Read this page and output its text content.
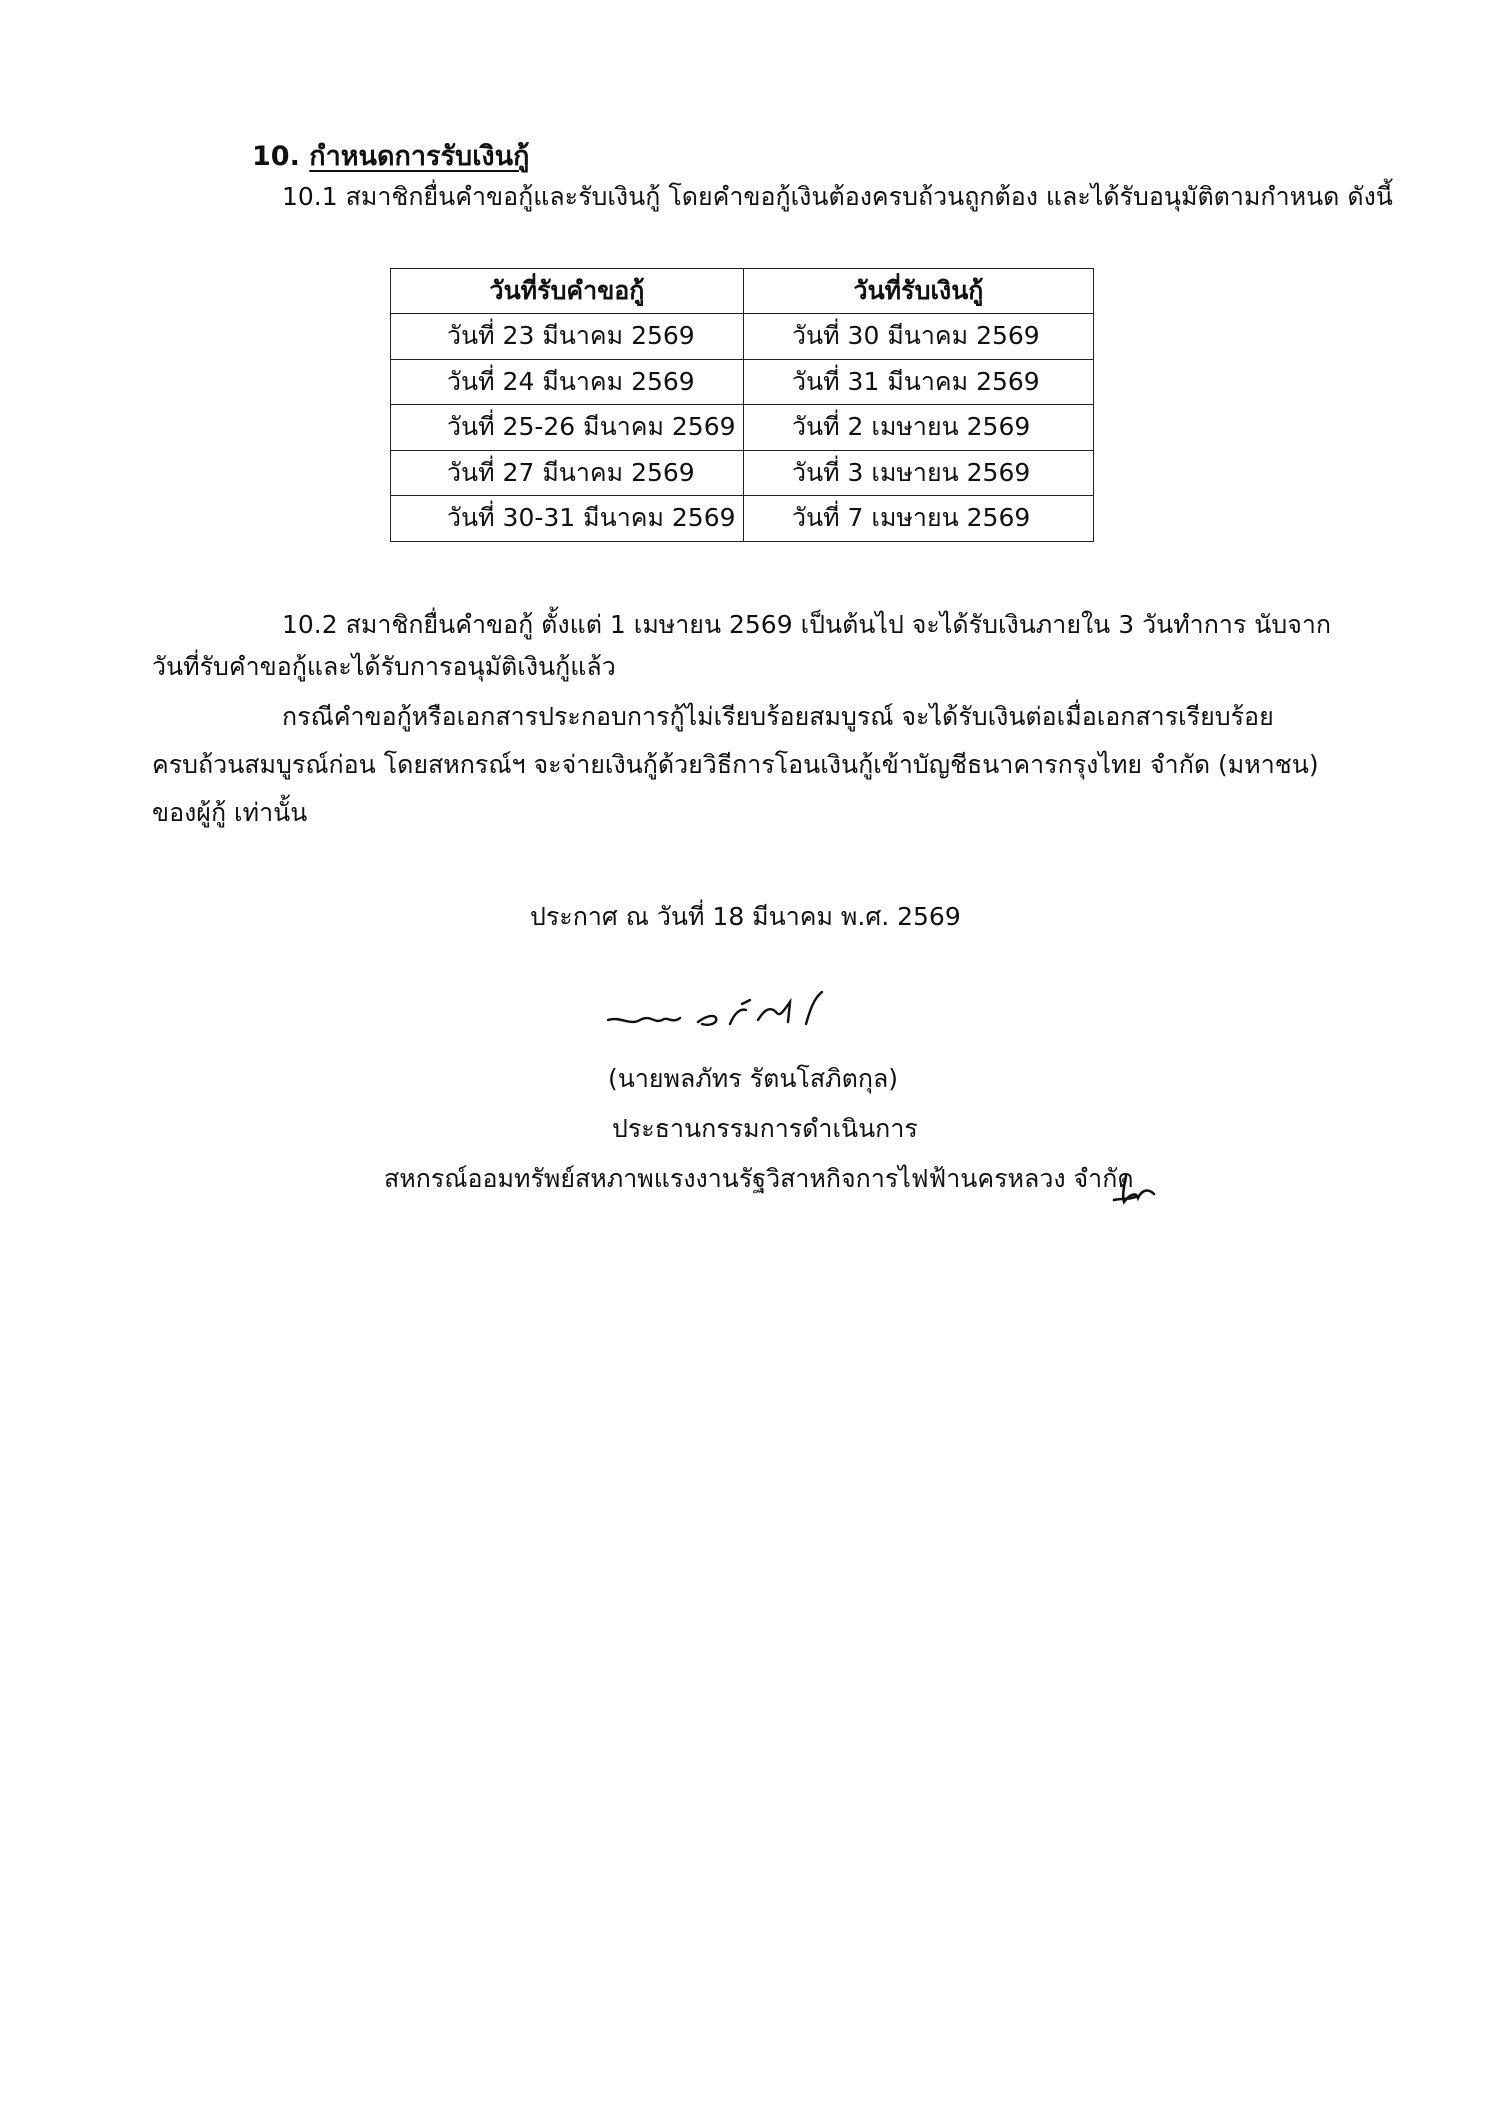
10. กำหนดการรับเงินกู้
10.1 สมาชิกยื่นคำขอกู้และรับเงินกู้ โดยคำขอกู้เงินต้องครบถ้วนถูกต้อง และได้รับอนุมัติตามกำหนด ดังนี้
วันที่รับคำขอกู้	วันที่รับเงินกู้
วันที่ 23 มีนาคม 2569	วันที่ 30 มีนาคม 2569
วันที่ 24 มีนาคม 2569	วันที่ 31 มีนาคม 2569
วันที่ 25-26 มีนาคม 2569	วันที่ 2 เมษายน 2569
วันที่ 27 มีนาคม 2569	วันที่ 3 เมษายน 2569
วันที่ 30-31 มีนาคม 2569	วันที่ 7 เมษายน 2569
10.2 สมาชิกยื่นคำขอกู้ ตั้งแต่ 1 เมษายน 2569 เป็นต้นไป จะได้รับเงินภายใน 3 วันทำการ นับจาก
วันที่รับคำขอกู้และได้รับการอนุมัติเงินกู้แล้ว
กรณีคำขอกู้หรือเอกสารประกอบการกู้ไม่เรียบร้อยสมบูรณ์ จะได้รับเงินต่อเมื่อเอกสารเรียบร้อย
ครบถ้วนสมบูรณ์ก่อน โดยสหกรณ์ฯ จะจ่ายเงินกู้ด้วยวิธีการโอนเงินกู้เข้าบัญชีธนาคารกรุงไทย จำกัด (มหาชน)
ของผู้กู้ เท่านั้น
ประกาศ ณ วันที่ 18 มีนาคม พ.ศ. 2569
(นายพลภัทร รัตนโสภิตกุล)
ประธานกรรมการดำเนินการ
สหกรณ์ออมทรัพย์สหภาพแรงงานรัฐวิสาหกิจการไฟฟ้านครหลวง จำกัด
